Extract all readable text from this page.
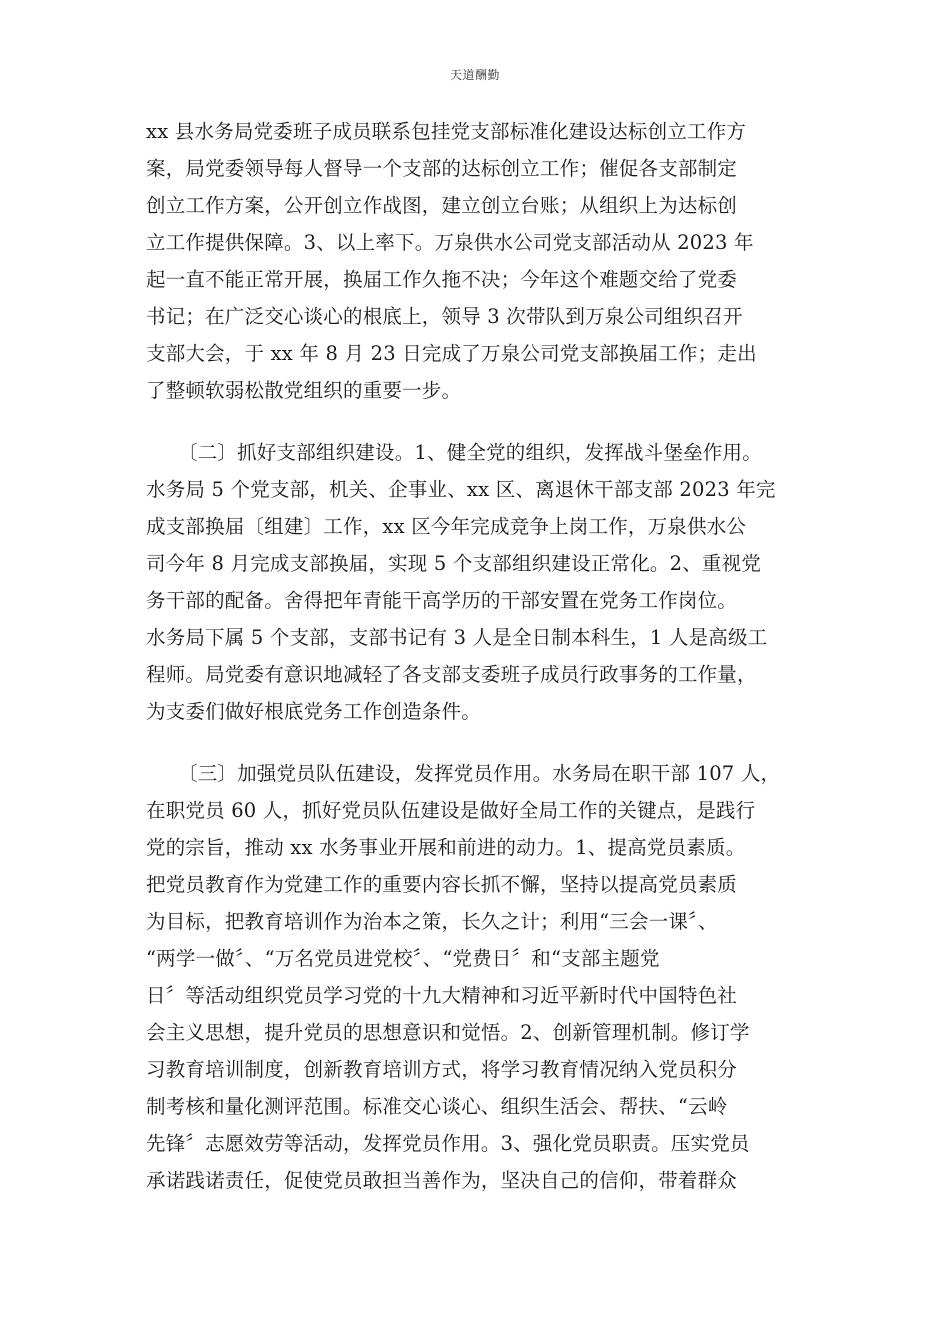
天道酬勤
xx 县水务局党委班子成员联系包挂党支部标准化建设达标创立工作方
案，局党委领导每人督导一个支部的达标创立工作；催促各支部制定
创立工作方案，公开创立作战图，建立创立台账；从组织上为达标创
立工作提供保障。3、以上率下。万泉供水公司党支部活动从 2023 年
起一直不能正常开展，换届工作久拖不决；今年这个难题交给了党委
书记；在广泛交心谈心的根底上，领导 3 次带队到万泉公司组织召开
支部大会，于 xx 年 8 月 23 日完成了万泉公司党支部换届工作；走出
了整顿软弱松散党组织的重要一步。
〔二〕抓好支部组织建设。1、健全党的组织，发挥战斗堡垒作用。
水务局 5 个党支部，机关、企事业、xx 区、离退休干部支部 2023 年完
成支部换届〔组建〕工作，xx 区今年完成竞争上岗工作，万泉供水公
司今年 8 月完成支部换届，实现 5 个支部组织建设正常化。2、重视党
务干部的配备。舍得把年青能干高学历的干部安置在党务工作岗位。
水务局下属 5 个支部，支部书记有 3 人是全日制本科生，1 人是高级工
程师。局党委有意识地减轻了各支部支委班子成员行政事务的工作量，
为支委们做好根底党务工作创造条件。
〔三〕加强党员队伍建设，发挥党员作用。水务局在职干部 107 人，
在职党员 60 人，抓好党员队伍建设是做好全局工作的关键点，是践行
党的宗旨，推动 xx 水务事业开展和前进的动力。1、提高党员素质。
把党员教育作为党建工作的重要内容长抓不懈，坚持以提高党员素质
为目标，把教育培训作为治本之策，长久之计；利用“三会一课〞、
“两学一做〞、“万名党员进党校〞、“党费日〞和“支部主题党
日〞等活动组织党员学习党的十九大精神和习近平新时代中国特色社
会主义思想，提升党员的思想意识和觉悟。2、创新管理机制。修订学
习教育培训制度，创新教育培训方式，将学习教育情况纳入党员积分
制考核和量化测评范围。标准交心谈心、组织生活会、帮扶、“云岭
先锋〞志愿效劳等活动，发挥党员作用。3、强化党员职责。压实党员
承诺践诺责任，促使党员敢担当善作为，坚决自己的信仰，带着群众
